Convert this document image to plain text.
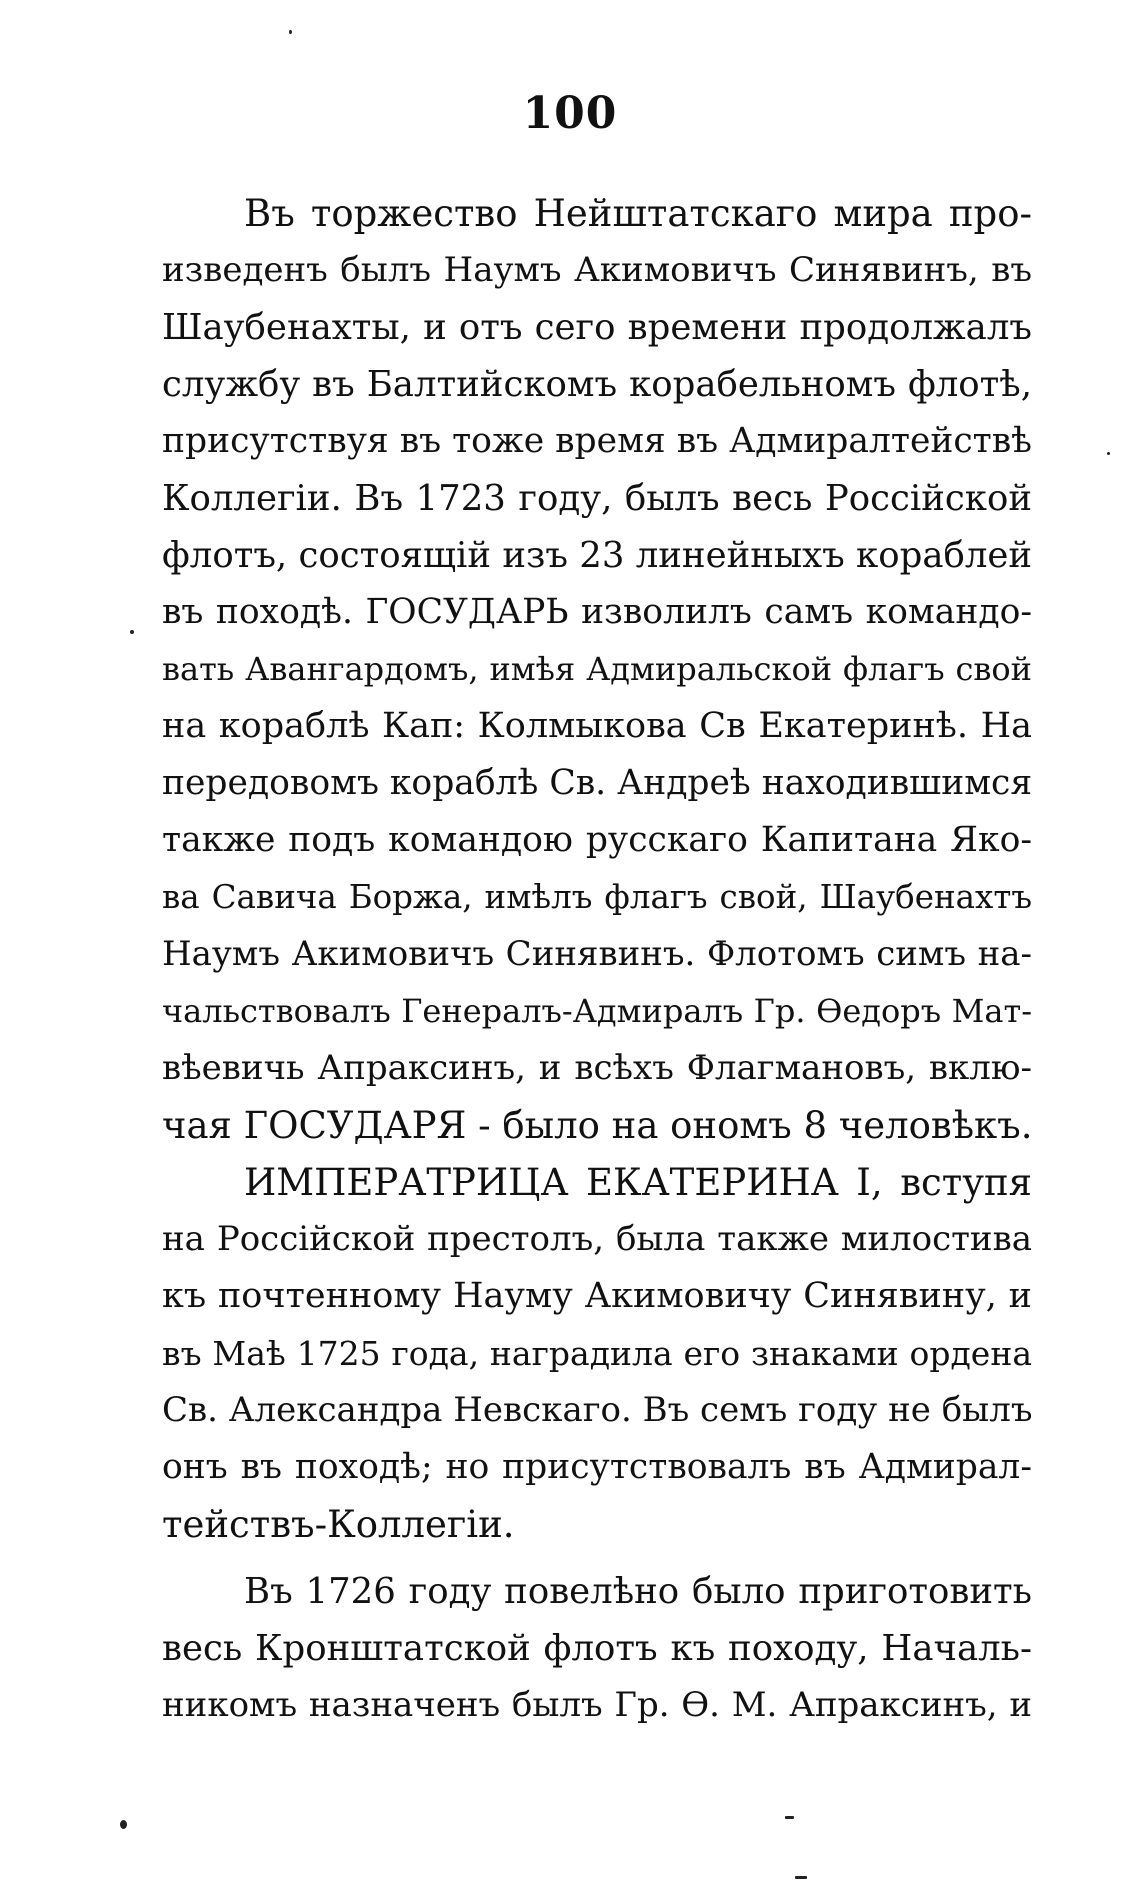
100
Въ торжество Нейштатскаго мира про-
изведенъ былъ Наумъ Акимовичъ Синявинъ, въ
Шаубенахты, и отъ сего времени продолжалъ
службу въ Балтийскомъ корабельномъ флотѣ,
присутствуя въ тоже время въ Адмиралтействѣ
Коллегіи. Въ 1723 году, былъ весь Россійской
флотъ, состоящій изъ 23 линейныхъ кораблей
въ походѣ. ГОСУДАРЬ изволилъ самъ командо-
вать Авангардомъ, имѣя Адмиральской флагъ свой
на кораблѣ Кап: Колмыкова Св Екатеринѣ. На
передовомъ кораблѣ Св. Андреѣ находившимся
также подъ командою русскаго Капитана Яко-
ва Савича Боржа, имѣлъ флагъ свой, Шаубенахтъ
Наумъ Акимовичъ Синявинъ. Флотомъ симъ на-
чальствовалъ Генералъ-Адмиралъ Гр. Ѳедоръ Мат-
вѣевичь Апраксинъ, и всѣхъ Флагмановъ, вклю-
чая ГОСУДАРЯ - было на ономъ 8 человѣкъ.
ИМПЕРАТРИЦА ЕКАТЕРИНА I, вступя
на Россійской престолъ, была также милостива
къ почтенному Науму Акимовичу Синявину, и
въ Маѣ 1725 года, наградила его знаками ордена
Св. Александра Невскаго. Въ семъ году не былъ
онъ въ походѣ; но присутствовалъ въ Адмирал-
тействъ-Коллегіи.
Въ 1726 году повелѣно было приготовить
весь Кронштатской флотъ къ походу, Началь-
никомъ назначенъ былъ Гр. Ѳ. М. Апраксинъ, и
